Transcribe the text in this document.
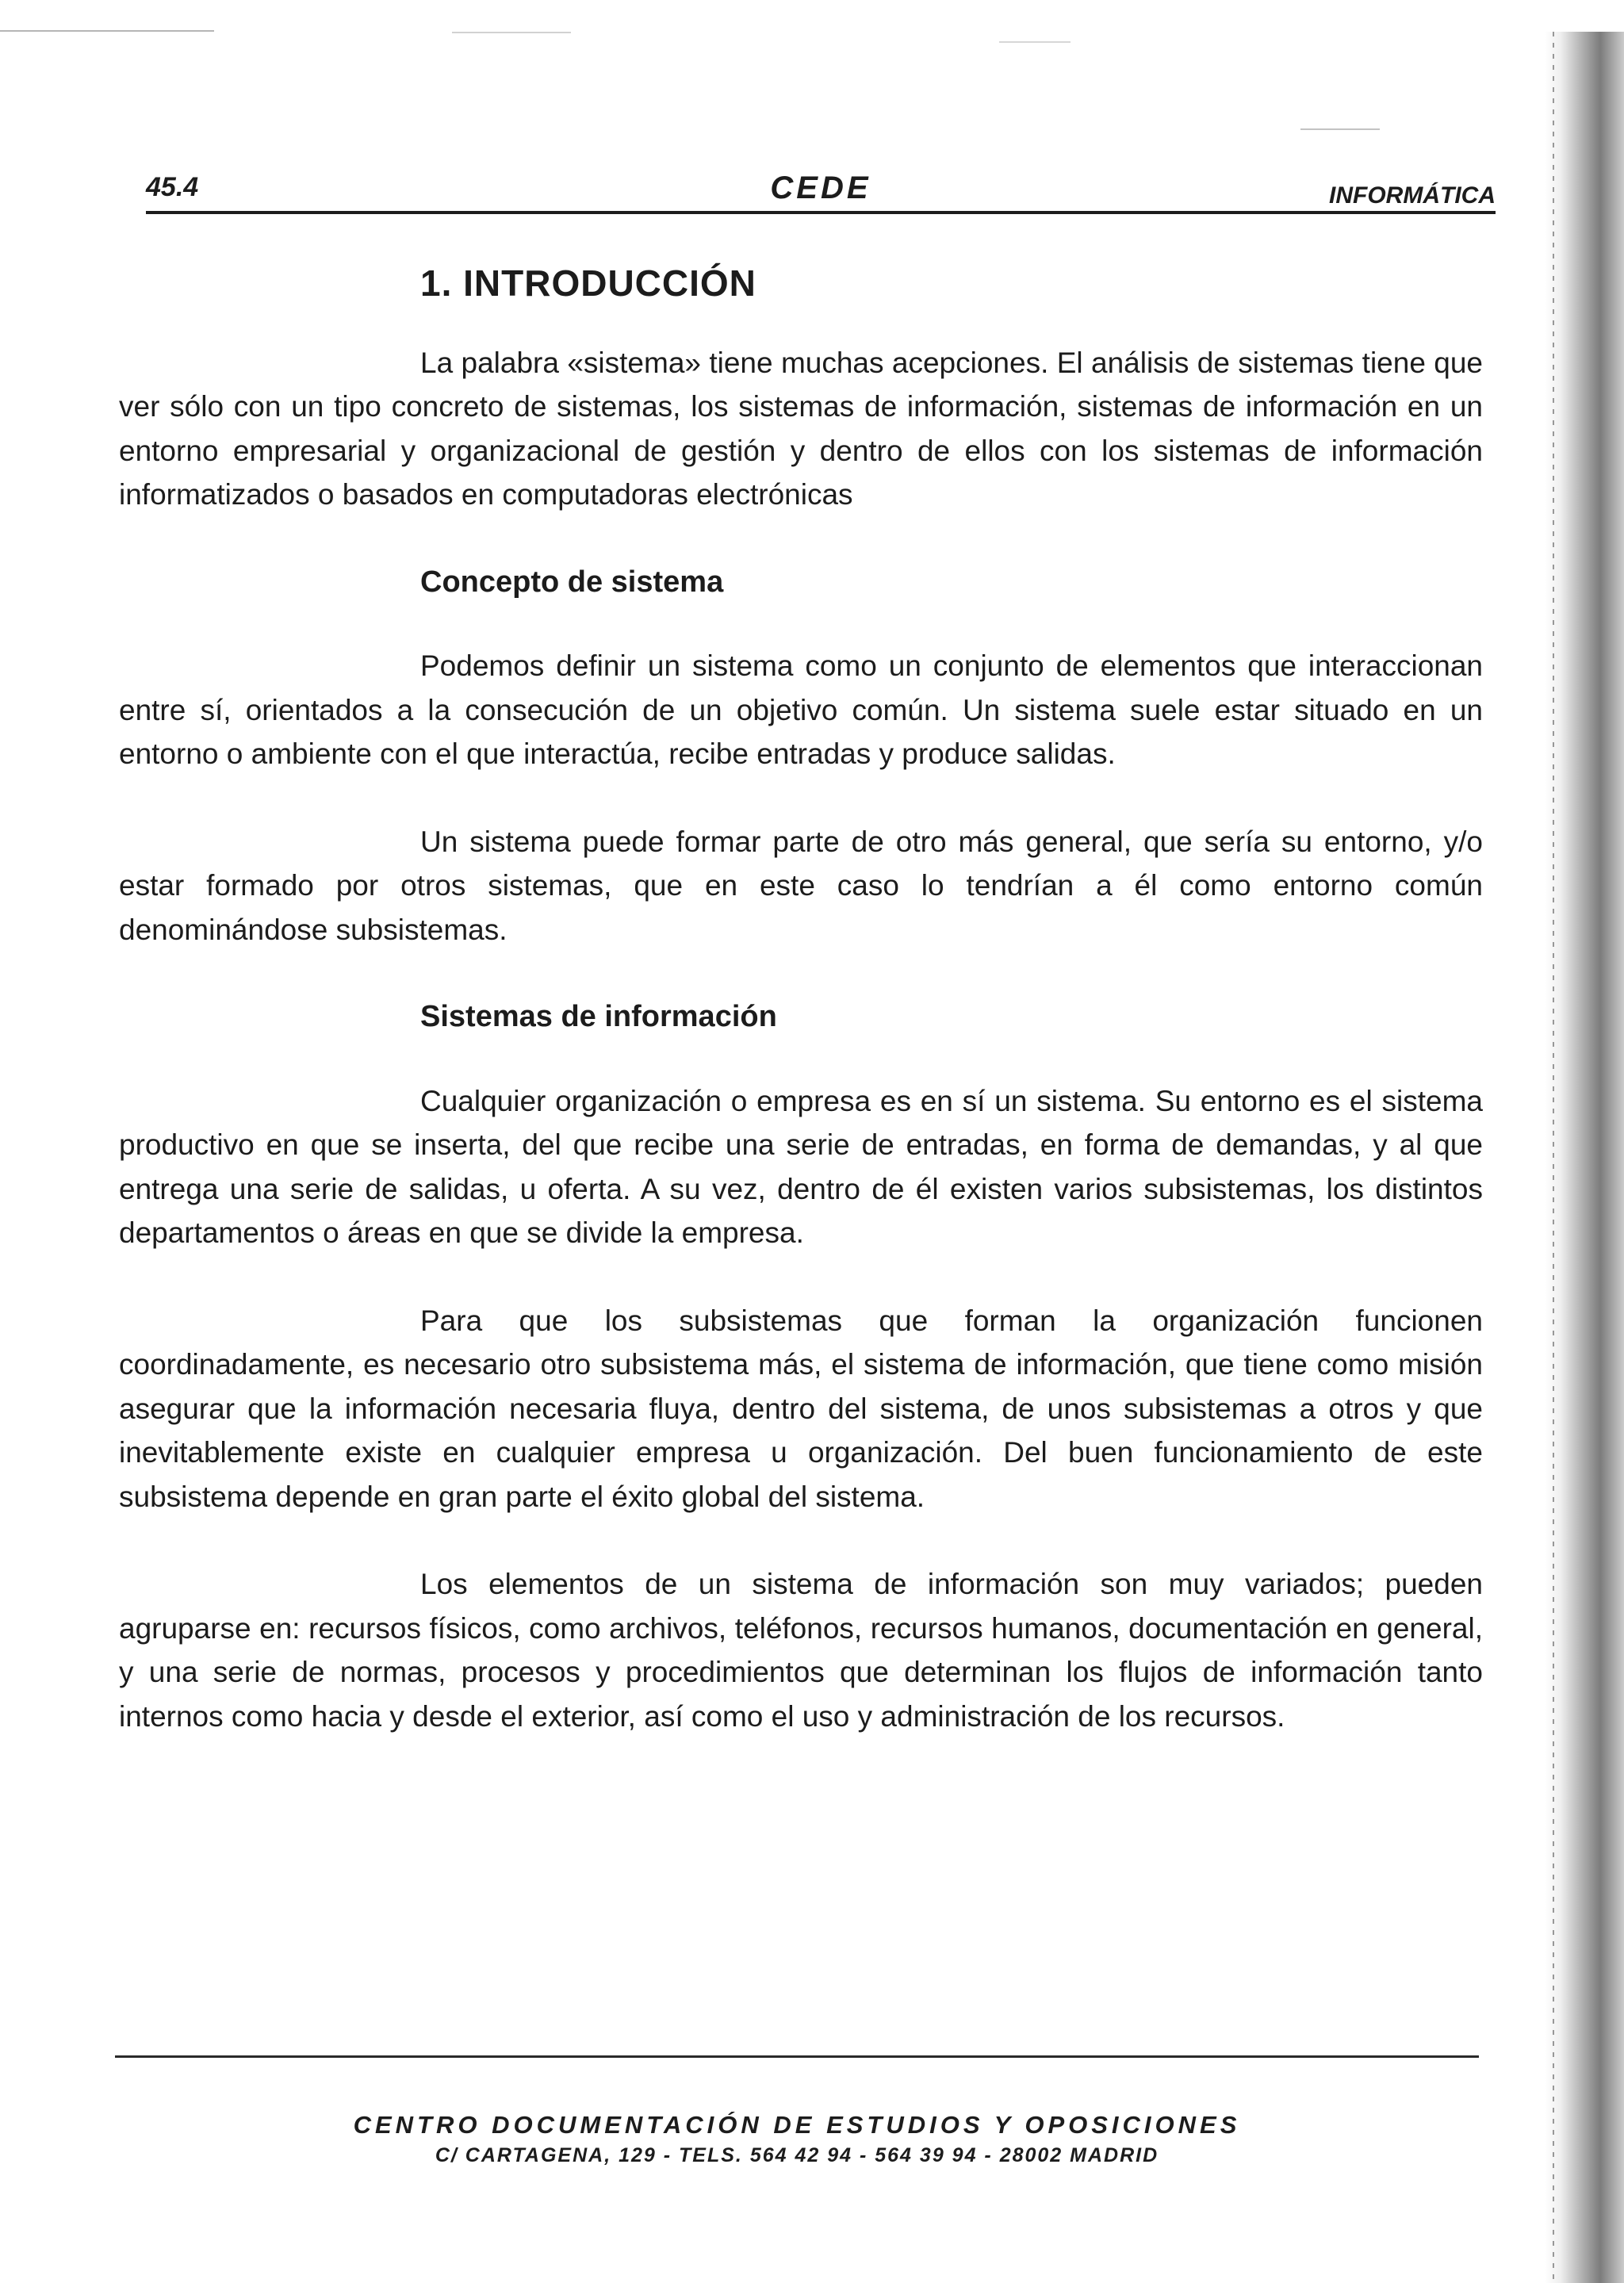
45.4	CEDE	INFORMÁTICA
1. INTRODUCCIÓN

La palabra «sistema» tiene muchas acepciones. El análisis de sistemas tiene que ver sólo con un tipo concreto de sistemas, los sistemas de información, sistemas de información en un entorno empresarial y organizacional de gestión y dentro de ellos con los sistemas de información informatizados o basados en computadoras electrónicas

Concepto de sistema

Podemos definir un sistema como un conjunto de elementos que interaccionan entre sí, orientados a la consecución de un objetivo común. Un sistema suele estar situado en un entorno o ambiente con el que interactúa, recibe entradas y produce salidas.

Un sistema puede formar parte de otro más general, que sería su entorno, y/o estar formado por otros sistemas, que en este caso lo tendrían a él como entorno común denominándose subsistemas.

Sistemas de información

Cualquier organización o empresa es en sí un sistema. Su entorno es el sistema productivo en que se inserta, del que recibe una serie de entradas, en forma de demandas, y al que entrega una serie de salidas, u oferta. A su vez, dentro de él existen varios subsistemas, los distintos departamentos o áreas en que se divide la empresa.

Para que los subsistemas que forman la organización funcionen coordinadamente, es necesario otro subsistema más, el sistema de información, que tiene como misión asegurar que la información necesaria fluya, dentro del sistema, de unos subsistemas a otros y que inevitablemente existe en cualquier empresa u organización. Del buen funcionamiento de este subsistema depende en gran parte el éxito global del sistema.

Los elementos de un sistema de información son muy variados; pueden agruparse en: recursos físicos, como archivos, teléfonos, recursos humanos, documentación en general, y una serie de normas, procesos y procedimientos que determinan los flujos de información tanto internos como hacia y desde el exterior, así como el uso y administración de los recursos.

CENTRO DOCUMENTACIÓN DE ESTUDIOS Y OPOSICIONES
C/ CARTAGENA, 129 - TELS. 564 42 94 - 564 39 94 - 28002 MADRID
